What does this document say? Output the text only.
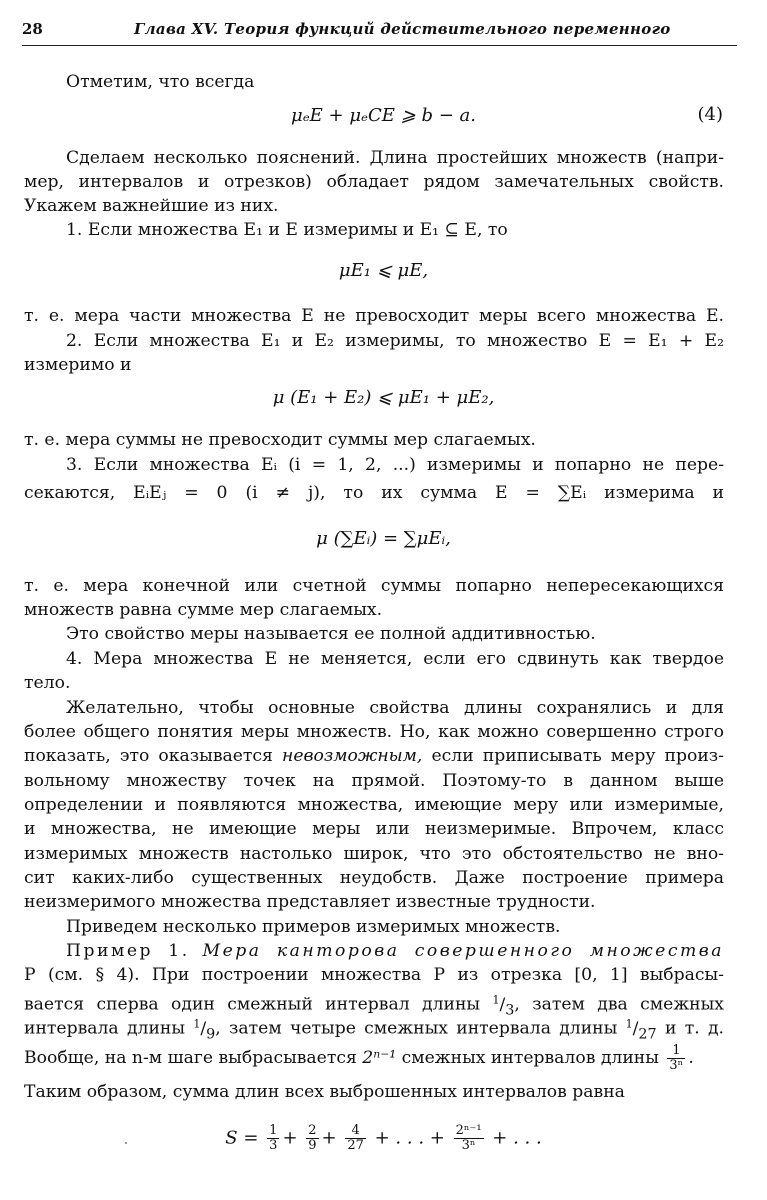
28	Глава XV. Теория функций действительного переменного
Отметим, что всегда
μₑE + μₑCE ⩾ b − a.	(4)
Сделаем несколько пояснений. Длина простейших множеств (напри-
мер, интервалов и отрезков) обладает рядом замечательных свойств.
Укажем важнейшие из них.
1. Если множества E₁ и E измеримы и E₁ ⊆ E, то
μE₁ ⩽ μE,
т. е. мера части множества E не превосходит меры всего множества E.
2. Если множества E₁ и E₂ измеримы, то множество E = E₁ + E₂
измеримо и
μ (E₁ + E₂) ⩽ μE₁ + μE₂,
т. е. мера суммы не превосходит суммы мер слагаемых.
3. Если множества Eᵢ (i = 1, 2, ...) измеримы и попарно не пере-
секаются, EᵢEⱼ = 0 (i ≠ j), то их сумма E = ∑Eᵢ измерима и
μ (∑Eᵢ) = ∑μEᵢ,
т. е. мера конечной или счетной суммы попарно непересекающихся
множеств равна сумме мер слагаемых.
Это свойство меры называется ее полной аддитивностью.
4. Мера множества E не меняется, если его сдвинуть как твердое
тело.
Желательно, чтобы основные свойства длины сохранялись и для
более общего понятия меры множеств. Но, как можно совершенно строго
показать, это оказывается невозможным, если приписывать меру произ-
вольному множеству точек на прямой. Поэтому-то в данном выше
определении и появляются множества, имеющие меру или измеримые,
и множества, не имеющие меры или неизмеримые. Впрочем, класс
измеримых множеств настолько широк, что это обстоятельство не вно-
сит каких-либо существенных неудобств. Даже построение примера
неизмеримого множества представляет известные трудности.
Приведем несколько примеров измеримых множеств.
Пример 1. Мера канторова совершенного множества
P (см. § 4). При построении множества P из отрезка [0, 1] выбрасы-
вается сперва один смежный интервал длины $^1/_3$, затем два смежных
интервала длины $^1/_9$, затем четыре смежных интервала длины $^1/_{27}$ и т. д.
Вообще, на n-м шаге выбрасывается 2ⁿ⁻¹ смежных интервалов длины $\frac{1}{\text{3ⁿ}}$ .
Таким образом, сумма длин всех выброшенных интервалов равна
$S = \frac{1}{3} + \frac{2}{9} + \frac{4}{27}$ + . . . + $\frac{\text{2ⁿ⁻¹}}{\text{3ⁿ}}$ + . . .
